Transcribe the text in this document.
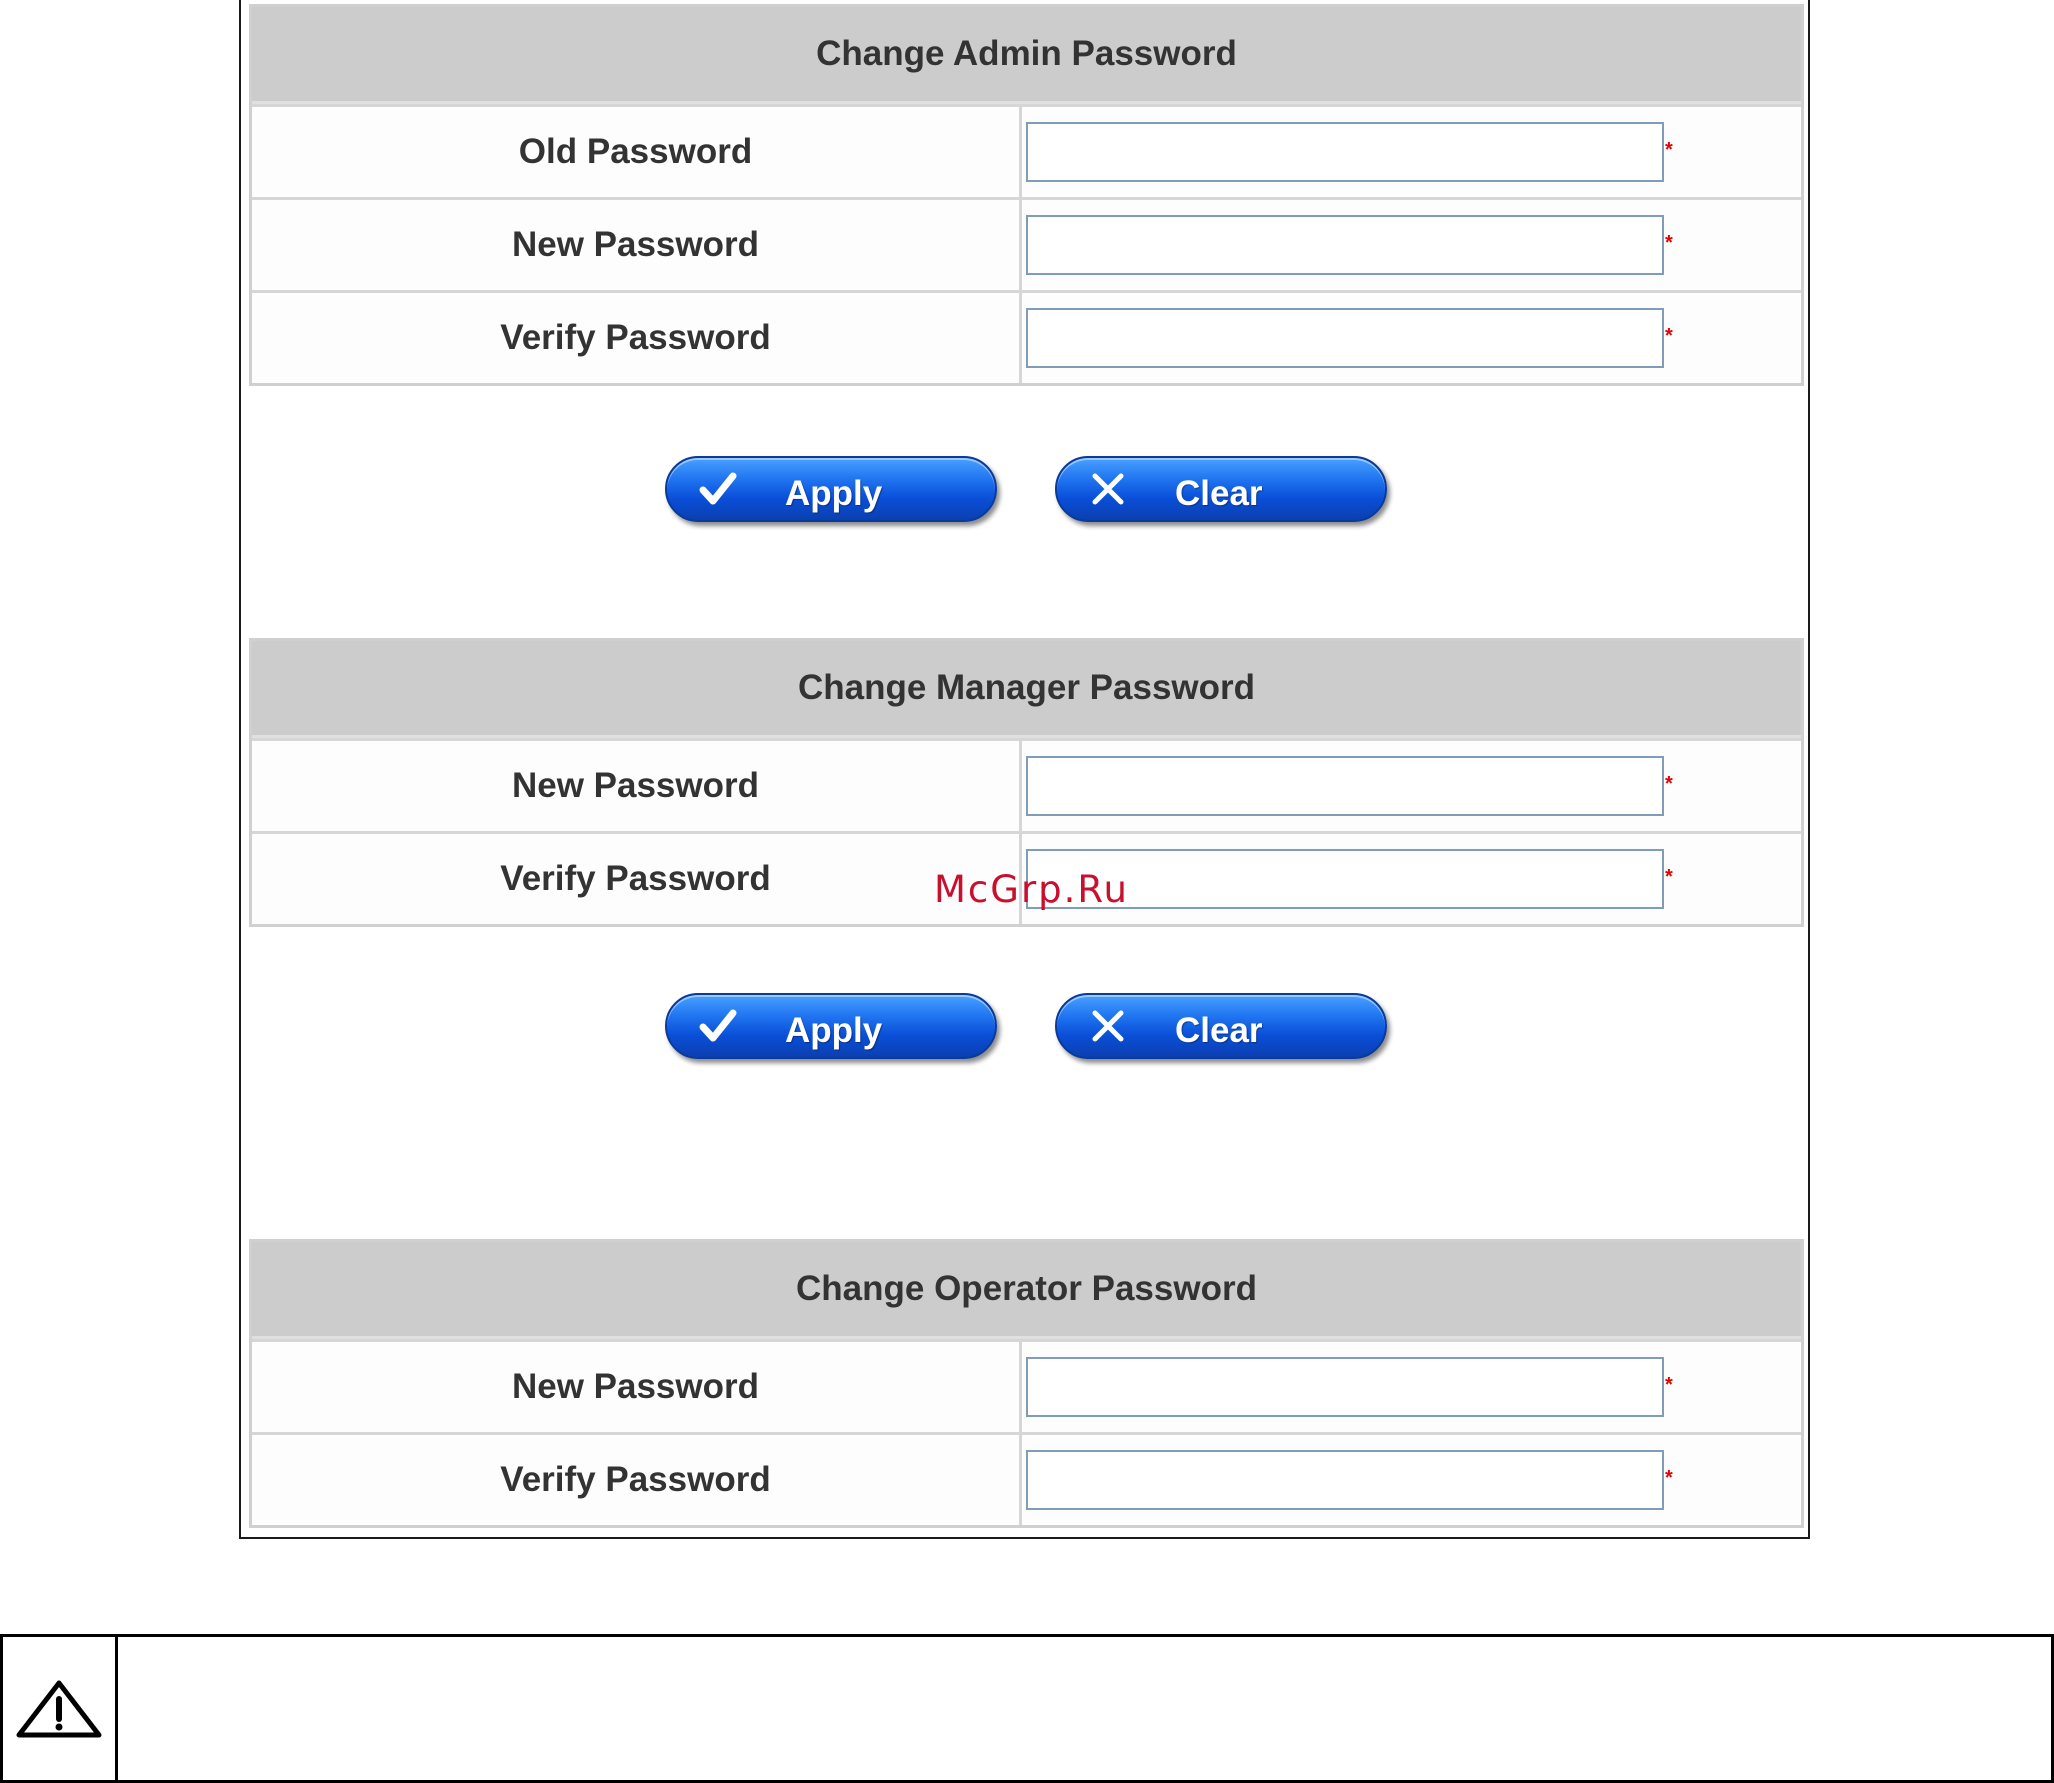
Change Admin Password
Old Password	*
New Password	*
Verify Password	*
Apply	Clear
Change Manager Password
New Password	*
Verify Password	*
Apply	Clear
Change Operator Password
New Password	*
Verify Password	*
McGrp.Ru
